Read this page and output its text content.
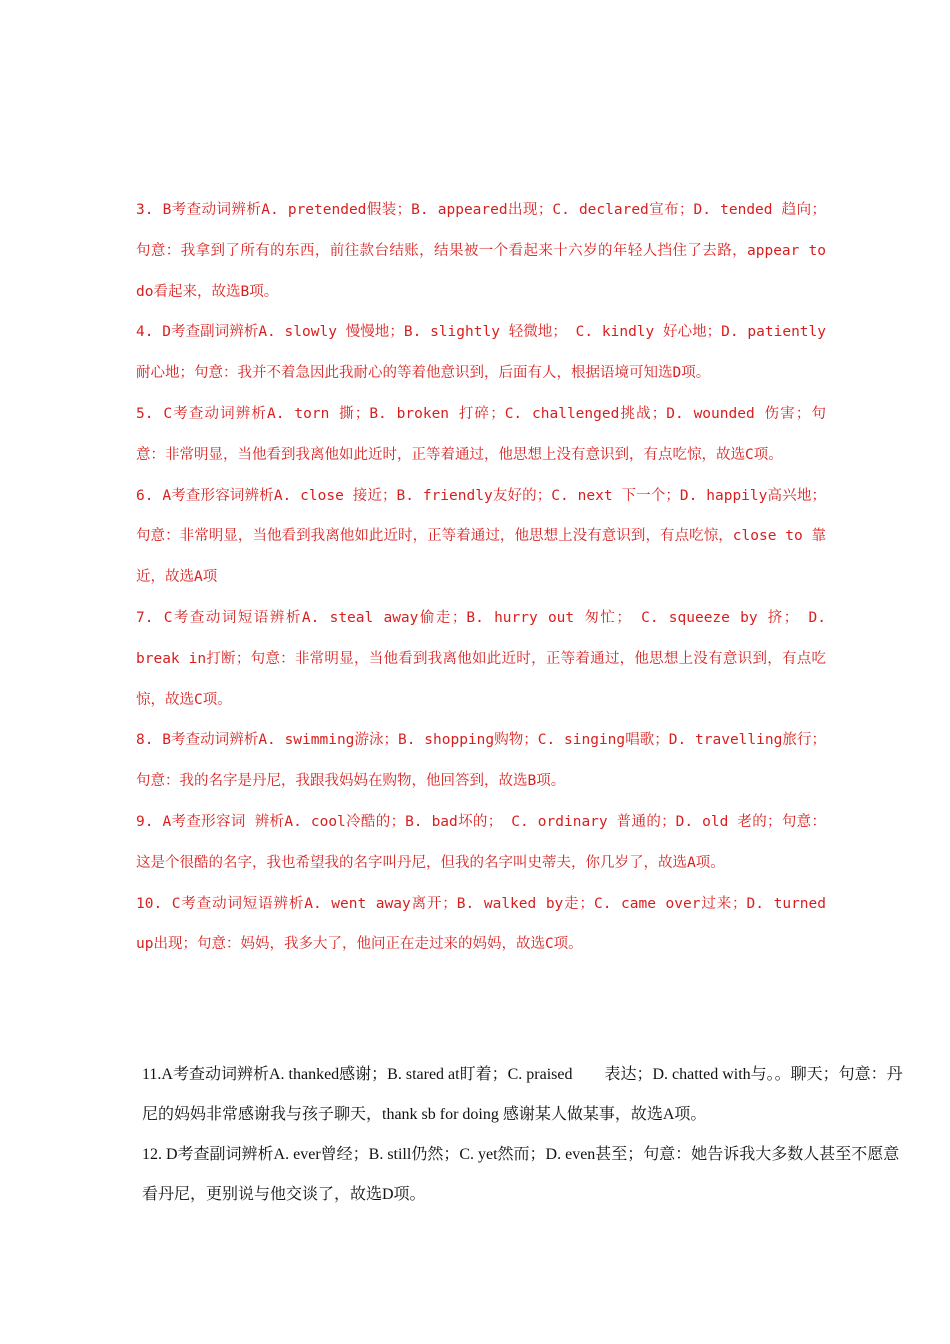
3. B考查动词辨析A. pretended假装；B. appeared出现；C. declared宣布；D. tended 趋向；句意：我拿到了所有的东西，前往款台结账，结果被一个看起来十六岁的年轻人挡住了去路，appear to do看起来，故选B项。

4. D考查副词辨析A. slowly 慢慢地；B. slightly 轻微地； C. kindly 好心地；D. patiently耐心地；句意：我并不着急因此我耐心的等着他意识到，后面有人，根据语境可知选D项。

5. C考查动词辨析A. torn 撕；B. broken 打碎；C. challenged挑战；D. wounded 伤害；句意：非常明显，当他看到我离他如此近时，正等着通过，他思想上没有意识到，有点吃惊，故选C项。

6. A考查形容词辨析A. close 接近；B. friendly友好的；C. next 下一个；D. happily高兴地；句意：非常明显，当他看到我离他如此近时，正等着通过，他思想上没有意识到，有点吃惊，close to 靠近，故选A项

7. C考查动词短语辨析A. steal away偷走；B. hurry out 匆忙； C. squeeze by 挤； D. break in打断；句意：非常明显，当他看到我离他如此近时，正等着通过，他思想上没有意识到，有点吃惊，故选C项。

8. B考查动词辨析A. swimming游泳；B. shopping购物；C. singing唱歌；D. travelling旅行；句意：我的名字是丹尼，我跟我妈妈在购物，他回答到，故选B项。

9. A考查形容词 辨析A. cool冷酷的；B. bad坏的； C. ordinary 普通的；D. old 老的；句意：这是个很酷的名字，我也希望我的名字叫丹尼，但我的名字叫史蒂夫，你几岁了，故选A项。

10. C考查动词短语辨析A. went away离开；B. walked by走；C. came over过来；D. turned up出现；句意：妈妈，我多大了，他问正在走过来的妈妈，故选C项。

11.A考查动词辨析A. thanked感谢；B. stared at盯着；C. praised　　表达；D. chatted with与。。聊天；句意：丹尼的妈妈非常感谢我与孩子聊天，thank sb for doing 感谢某人做某事，故选A项。

12. D考查副词辨析A. ever曾经；B. still仍然；C. yet然而；D. even甚至；句意：她告诉我大多数人甚至不愿意看丹尼，更别说与他交谈了，故选D项。
